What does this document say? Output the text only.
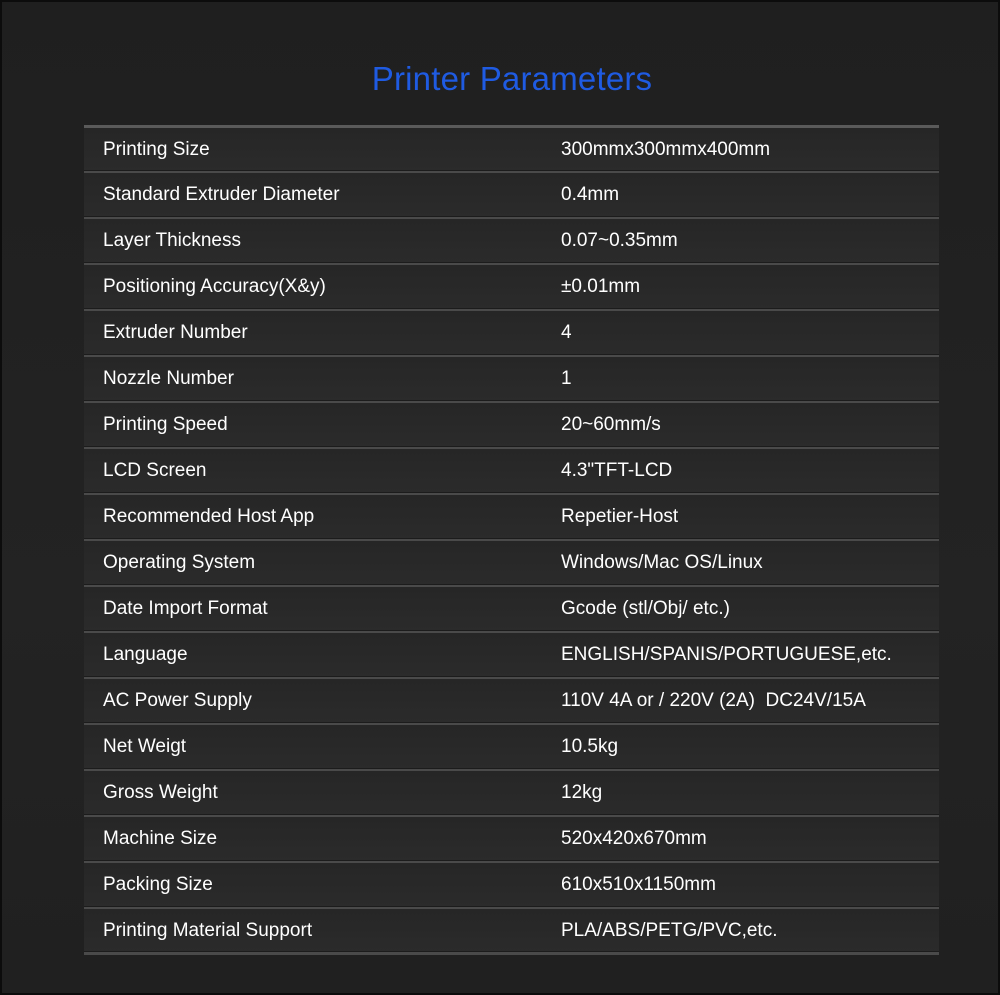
Printer Parameters
Printing Size	300mmx300mmx400mm
Standard Extruder Diameter	0.4mm
Layer Thickness	0.07~0.35mm
Positioning Accuracy(X&y)	±0.01mm
Extruder Number	4
Nozzle Number	1
Printing Speed	20~60mm/s
LCD Screen	4.3"TFT-LCD
Recommended Host App	Repetier-Host
Operating System	Windows/Mac OS/Linux
Date Import Format	Gcode (stl/Obj/ etc.)
Language	ENGLISH/SPANIS/PORTUGUESE,etc.
AC Power Supply	110V 4A or / 220V (2A)  DC24V/15A
Net Weigt	10.5kg
Gross Weight	12kg
Machine Size	520x420x670mm
Packing Size	610x510x1150mm
Printing Material Support	PLA/ABS/PETG/PVC,etc.
